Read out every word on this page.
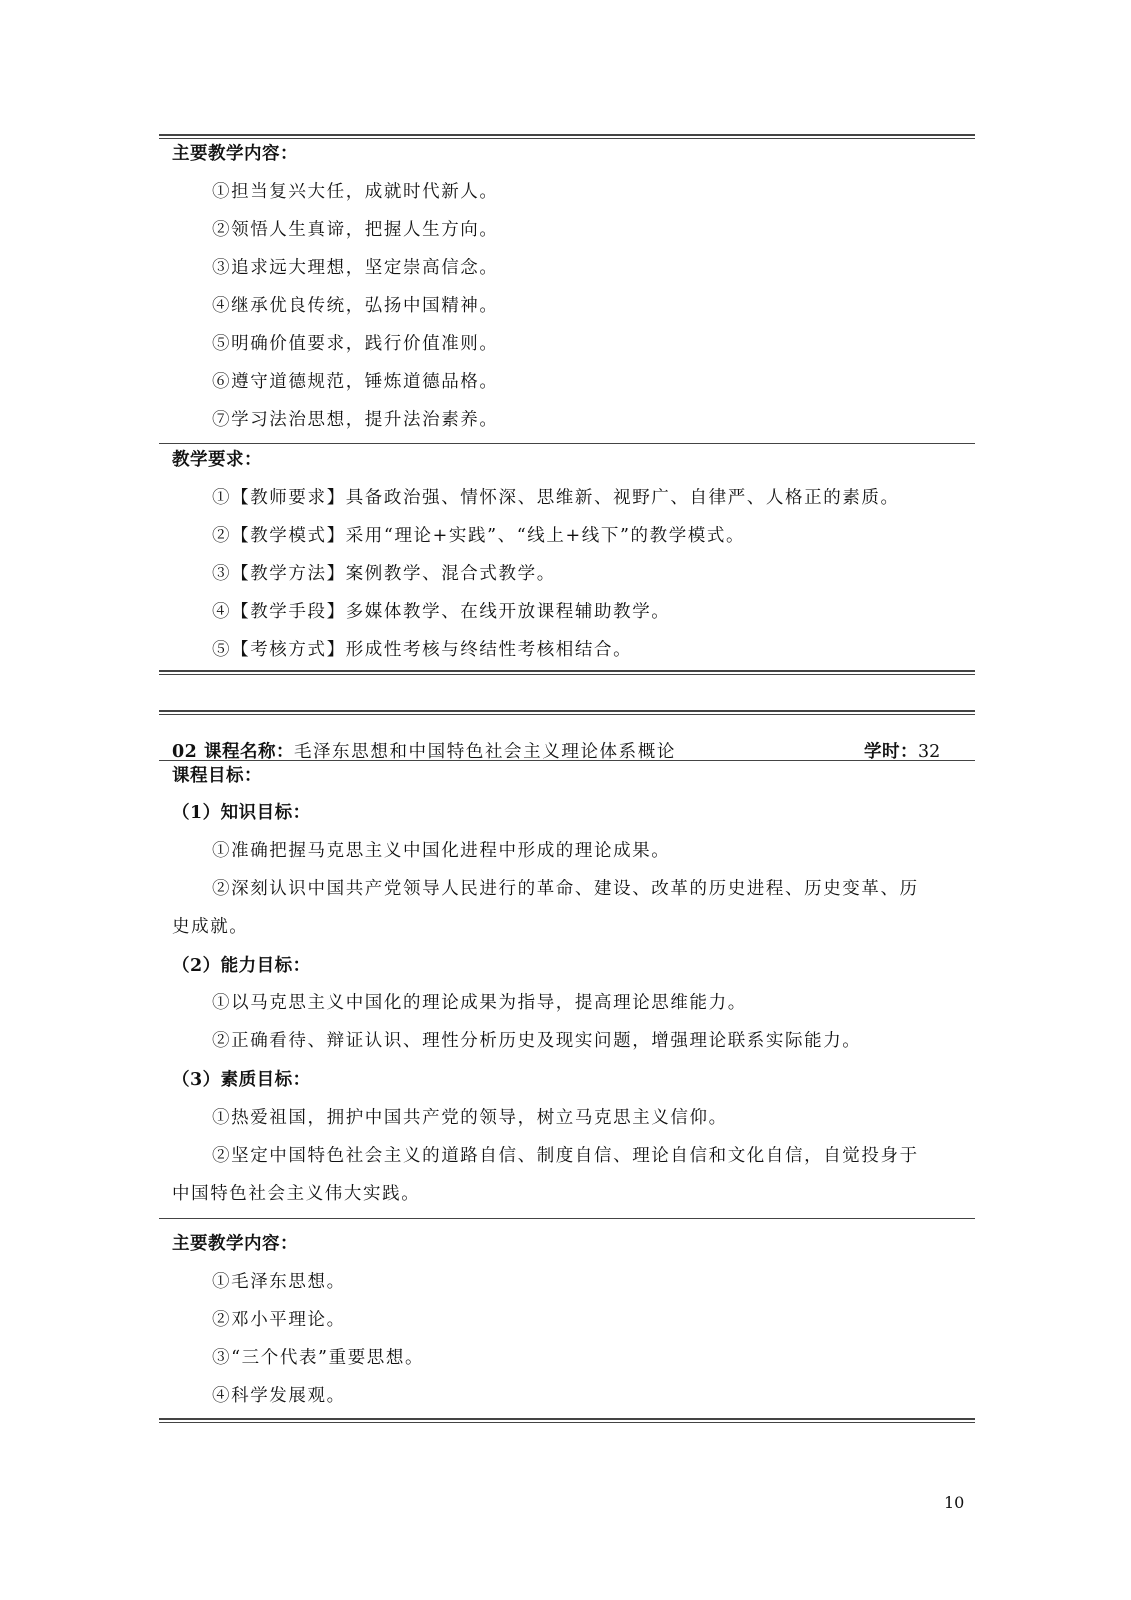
主要教学内容：
①担当复兴大任，成就时代新人。
②领悟人生真谛，把握人生方向。
③追求远大理想，坚定崇高信念。
④继承优良传统，弘扬中国精神。
⑤明确价值要求，践行价值准则。
⑥遵守道德规范，锤炼道德品格。
⑦学习法治思想，提升法治素养。
教学要求：
①【教师要求】具备政治强、情怀深、思维新、视野广、自律严、人格正的素质。
②【教学模式】采用“理论+实践”、“线上+线下”的教学模式。
③【教学方法】案例教学、混合式教学。
④【教学手段】多媒体教学、在线开放课程辅助教学。
⑤【考核方式】形成性考核与终结性考核相结合。
02 课程名称：毛泽东思想和中国特色社会主义理论体系概论	学时：32
课程目标：
（1）知识目标：
①准确把握马克思主义中国化进程中形成的理论成果。
②深刻认识中国共产党领导人民进行的革命、建设、改革的历史进程、历史变革、历
史成就。
（2）能力目标：
①以马克思主义中国化的理论成果为指导，提高理论思维能力。
②正确看待、辩证认识、理性分析历史及现实问题，增强理论联系实际能力。
（3）素质目标：
①热爱祖国，拥护中国共产党的领导，树立马克思主义信仰。
②坚定中国特色社会主义的道路自信、制度自信、理论自信和文化自信，自觉投身于
中国特色社会主义伟大实践。
主要教学内容：
①毛泽东思想。
②邓小平理论。
③“三个代表”重要思想。
④科学发展观。
10
